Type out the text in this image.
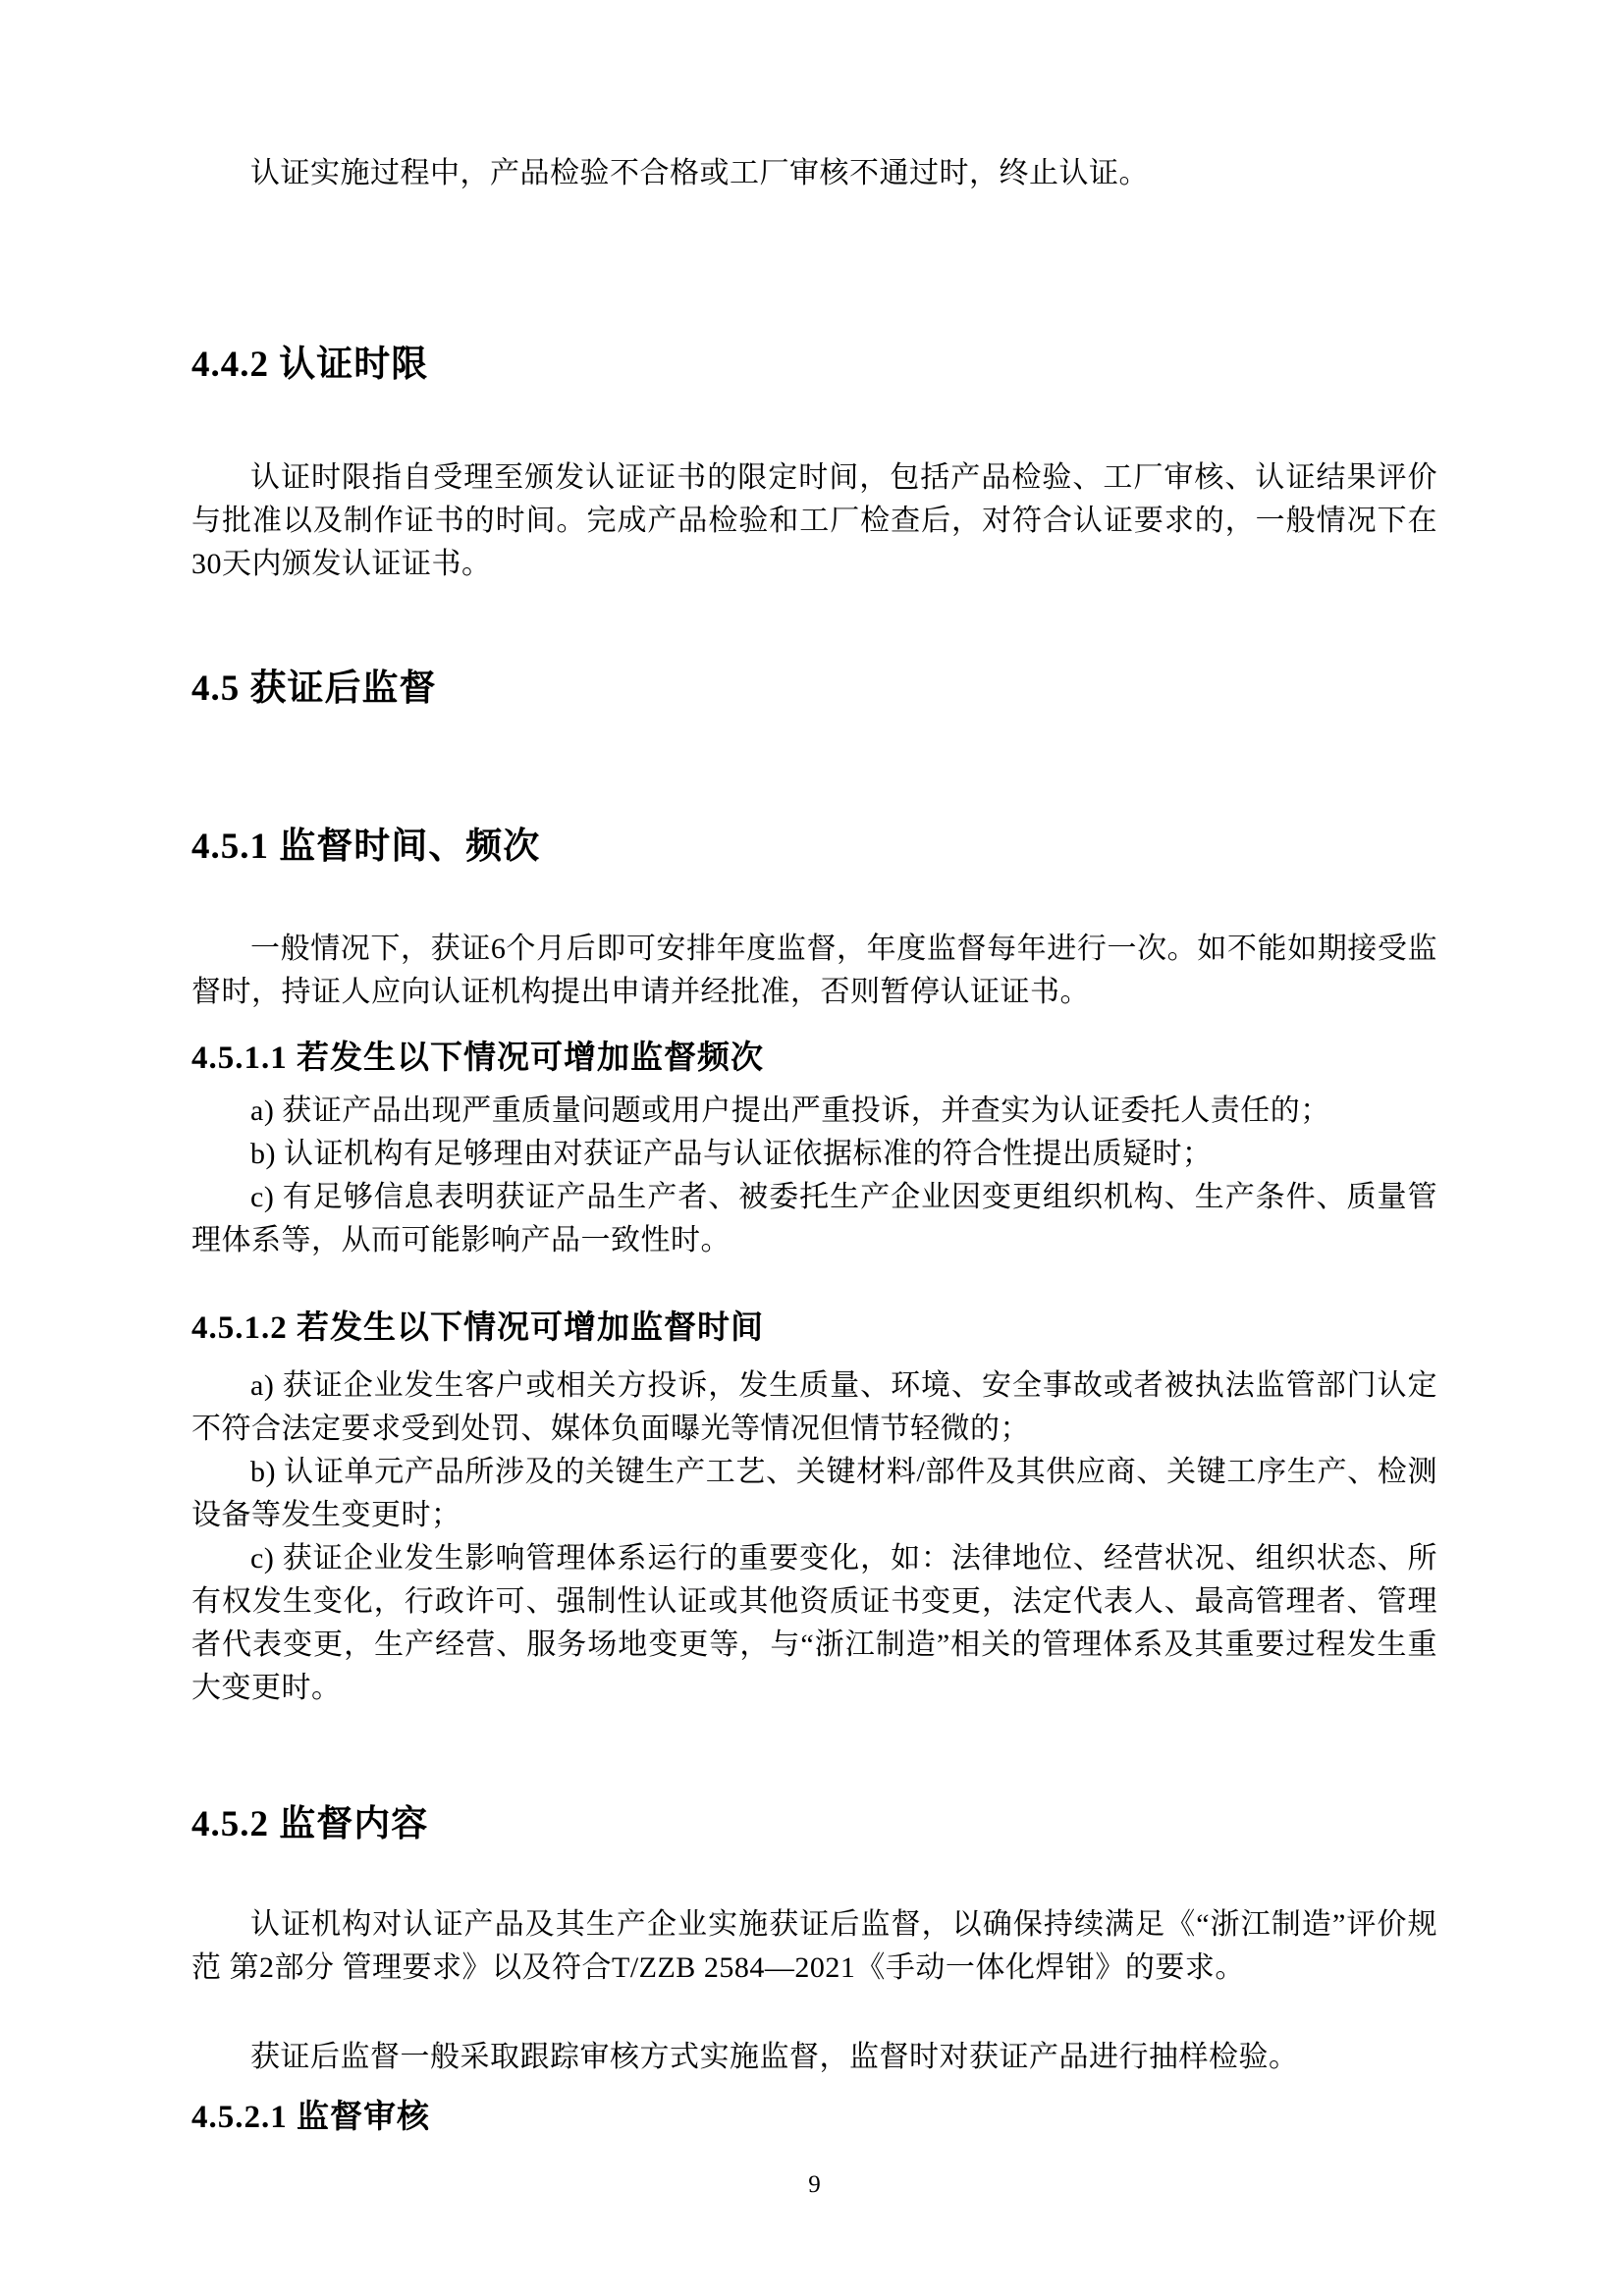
认证实施过程中，产品检验不合格或工厂审核不通过时，终止认证。

4.4.2 认证时限

认证时限指自受理至颁发认证证书的限定时间，包括产品检验、工厂审核、认证结果评价与批准以及制作证书的时间。完成产品检验和工厂检查后，对符合认证要求的，一般情况下在30天内颁发认证证书。

4.5 获证后监督
4.5.1 监督时间、频次

一般情况下，获证6个月后即可安排年度监督，年度监督每年进行一次。如不能如期接受监督时，持证人应向认证机构提出申请并经批准，否则暂停认证证书。

4.5.1.1 若发生以下情况可增加监督频次

a) 获证产品出现严重质量问题或用户提出严重投诉，并查实为认证委托人责任的；

b) 认证机构有足够理由对获证产品与认证依据标准的符合性提出质疑时；

c) 有足够信息表明获证产品生产者、被委托生产企业因变更组织机构、生产条件、质量管理体系等，从而可能影响产品一致性时。

4.5.1.2 若发生以下情况可增加监督时间

a) 获证企业发生客户或相关方投诉，发生质量、环境、安全事故或者被执法监管部门认定不符合法定要求受到处罚、媒体负面曝光等情况但情节轻微的；

b) 认证单元产品所涉及的关键生产工艺、关键材料/部件及其供应商、关键工序生产、检测设备等发生变更时；

c) 获证企业发生影响管理体系运行的重要变化，如：法律地位、经营状况、组织状态、所有权发生变化，行政许可、强制性认证或其他资质证书变更，法定代表人、最高管理者、管理者代表变更，生产经营、服务场地变更等，与“浙江制造”相关的管理体系及其重要过程发生重大变更时。

4.5.2 监督内容

认证机构对认证产品及其生产企业实施获证后监督，以确保持续满足《“浙江制造”评价规范 第2部分 管理要求》以及符合T/ZZB 2584—2021《手动一体化焊钳》的要求。

获证后监督一般采取跟踪审核方式实施监督，监督时对获证产品进行抽样检验。

4.5.2.1 监督审核
9
